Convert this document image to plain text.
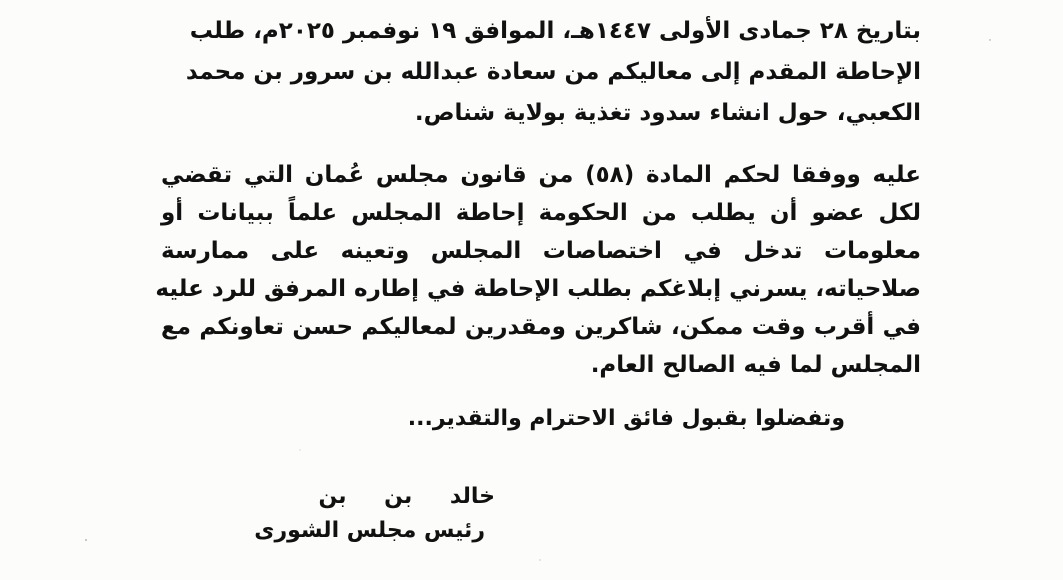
بتاريخ ٢٨ جمادى الأولى ١٤٤٧هـ، الموافق ١٩ نوفمبر ٢٠٢٥م، طلب
الإحاطة المقدم إلى معاليكم من سعادة عبدالله بن سرور بن محمد
الكعبي، حول انشاء سدود تغذية بولاية شناص.
عليه ووفقا لحكم المادة (٥٨) من قانون مجلس عُمان التي تقضي
لكل عضو أن يطلب من الحكومة إحاطة المجلس علماً ببيانات أو
معلومات تدخل في اختصاصات المجلس وتعينه على ممارسة
صلاحياته، يسرني إبلاغكم بطلب الإحاطة في إطاره المرفق للرد عليه
في أقرب وقت ممكن، شاكرين ومقدرين لمعاليكم حسن تعاونكم مع
المجلس لما فيه الصالح العام.
وتفضلوا بقبول فائق الاحترام والتقدير...
خالد بن بن
رئيس مجلس الشورى
